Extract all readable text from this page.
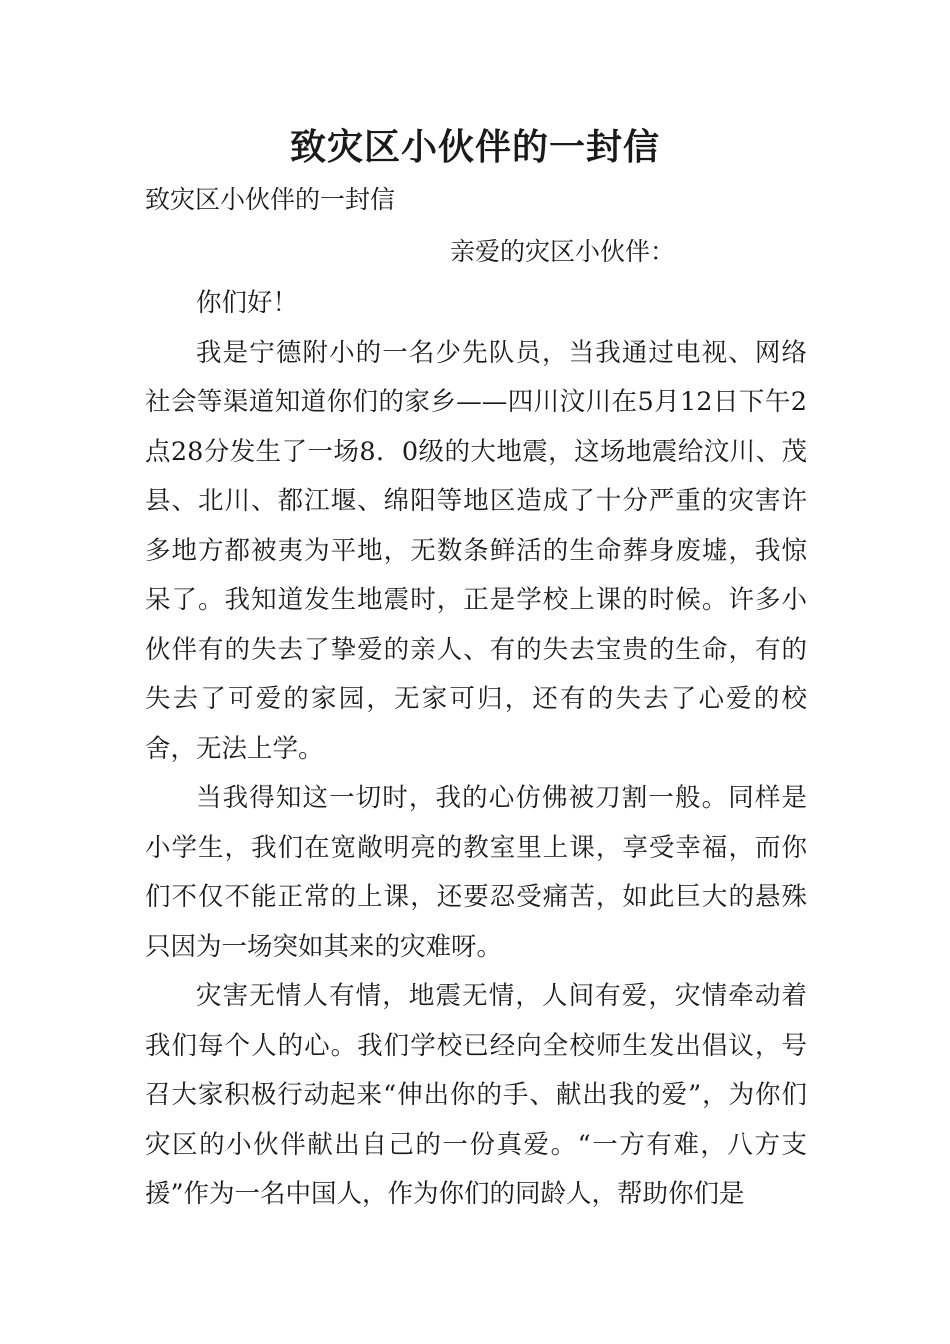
致灾区小伙伴的一封信
致灾区小伙伴的一封信
亲爱的灾区小伙伴：

你们好！

我是宁德附小的一名少先队员，当我通过电视、网络社会等渠道知道你们的家乡——四川汶川在5月12日下午2点28分发生了一场8．0级的大地震，这场地震给汶川、茂县、北川、都江堰、绵阳等地区造成了十分严重的灾害许多地方都被夷为平地，无数条鲜活的生命葬身废墟，我惊呆了。我知道发生地震时，正是学校上课的时候。许多小伙伴有的失去了挚爱的亲人、有的失去宝贵的生命，有的失去了可爱的家园，无家可归，还有的失去了心爱的校舍，无法上学。

当我得知这一切时，我的心仿佛被刀割一般。同样是小学生，我们在宽敞明亮的教室里上课，享受幸福，而你们不仅不能正常的上课，还要忍受痛苦，如此巨大的悬殊只因为一场突如其来的灾难呀。

灾害无情人有情，地震无情，人间有爱，灾情牵动着我们每个人的心。我们学校已经向全校师生发出倡议，号召大家积极行动起来“伸出你的手、献出我的爱”，为你们灾区的小伙伴献出自己的一份真爱。“一方有难，八方支援”作为一名中国人，作为你们的同龄人，帮助你们是
